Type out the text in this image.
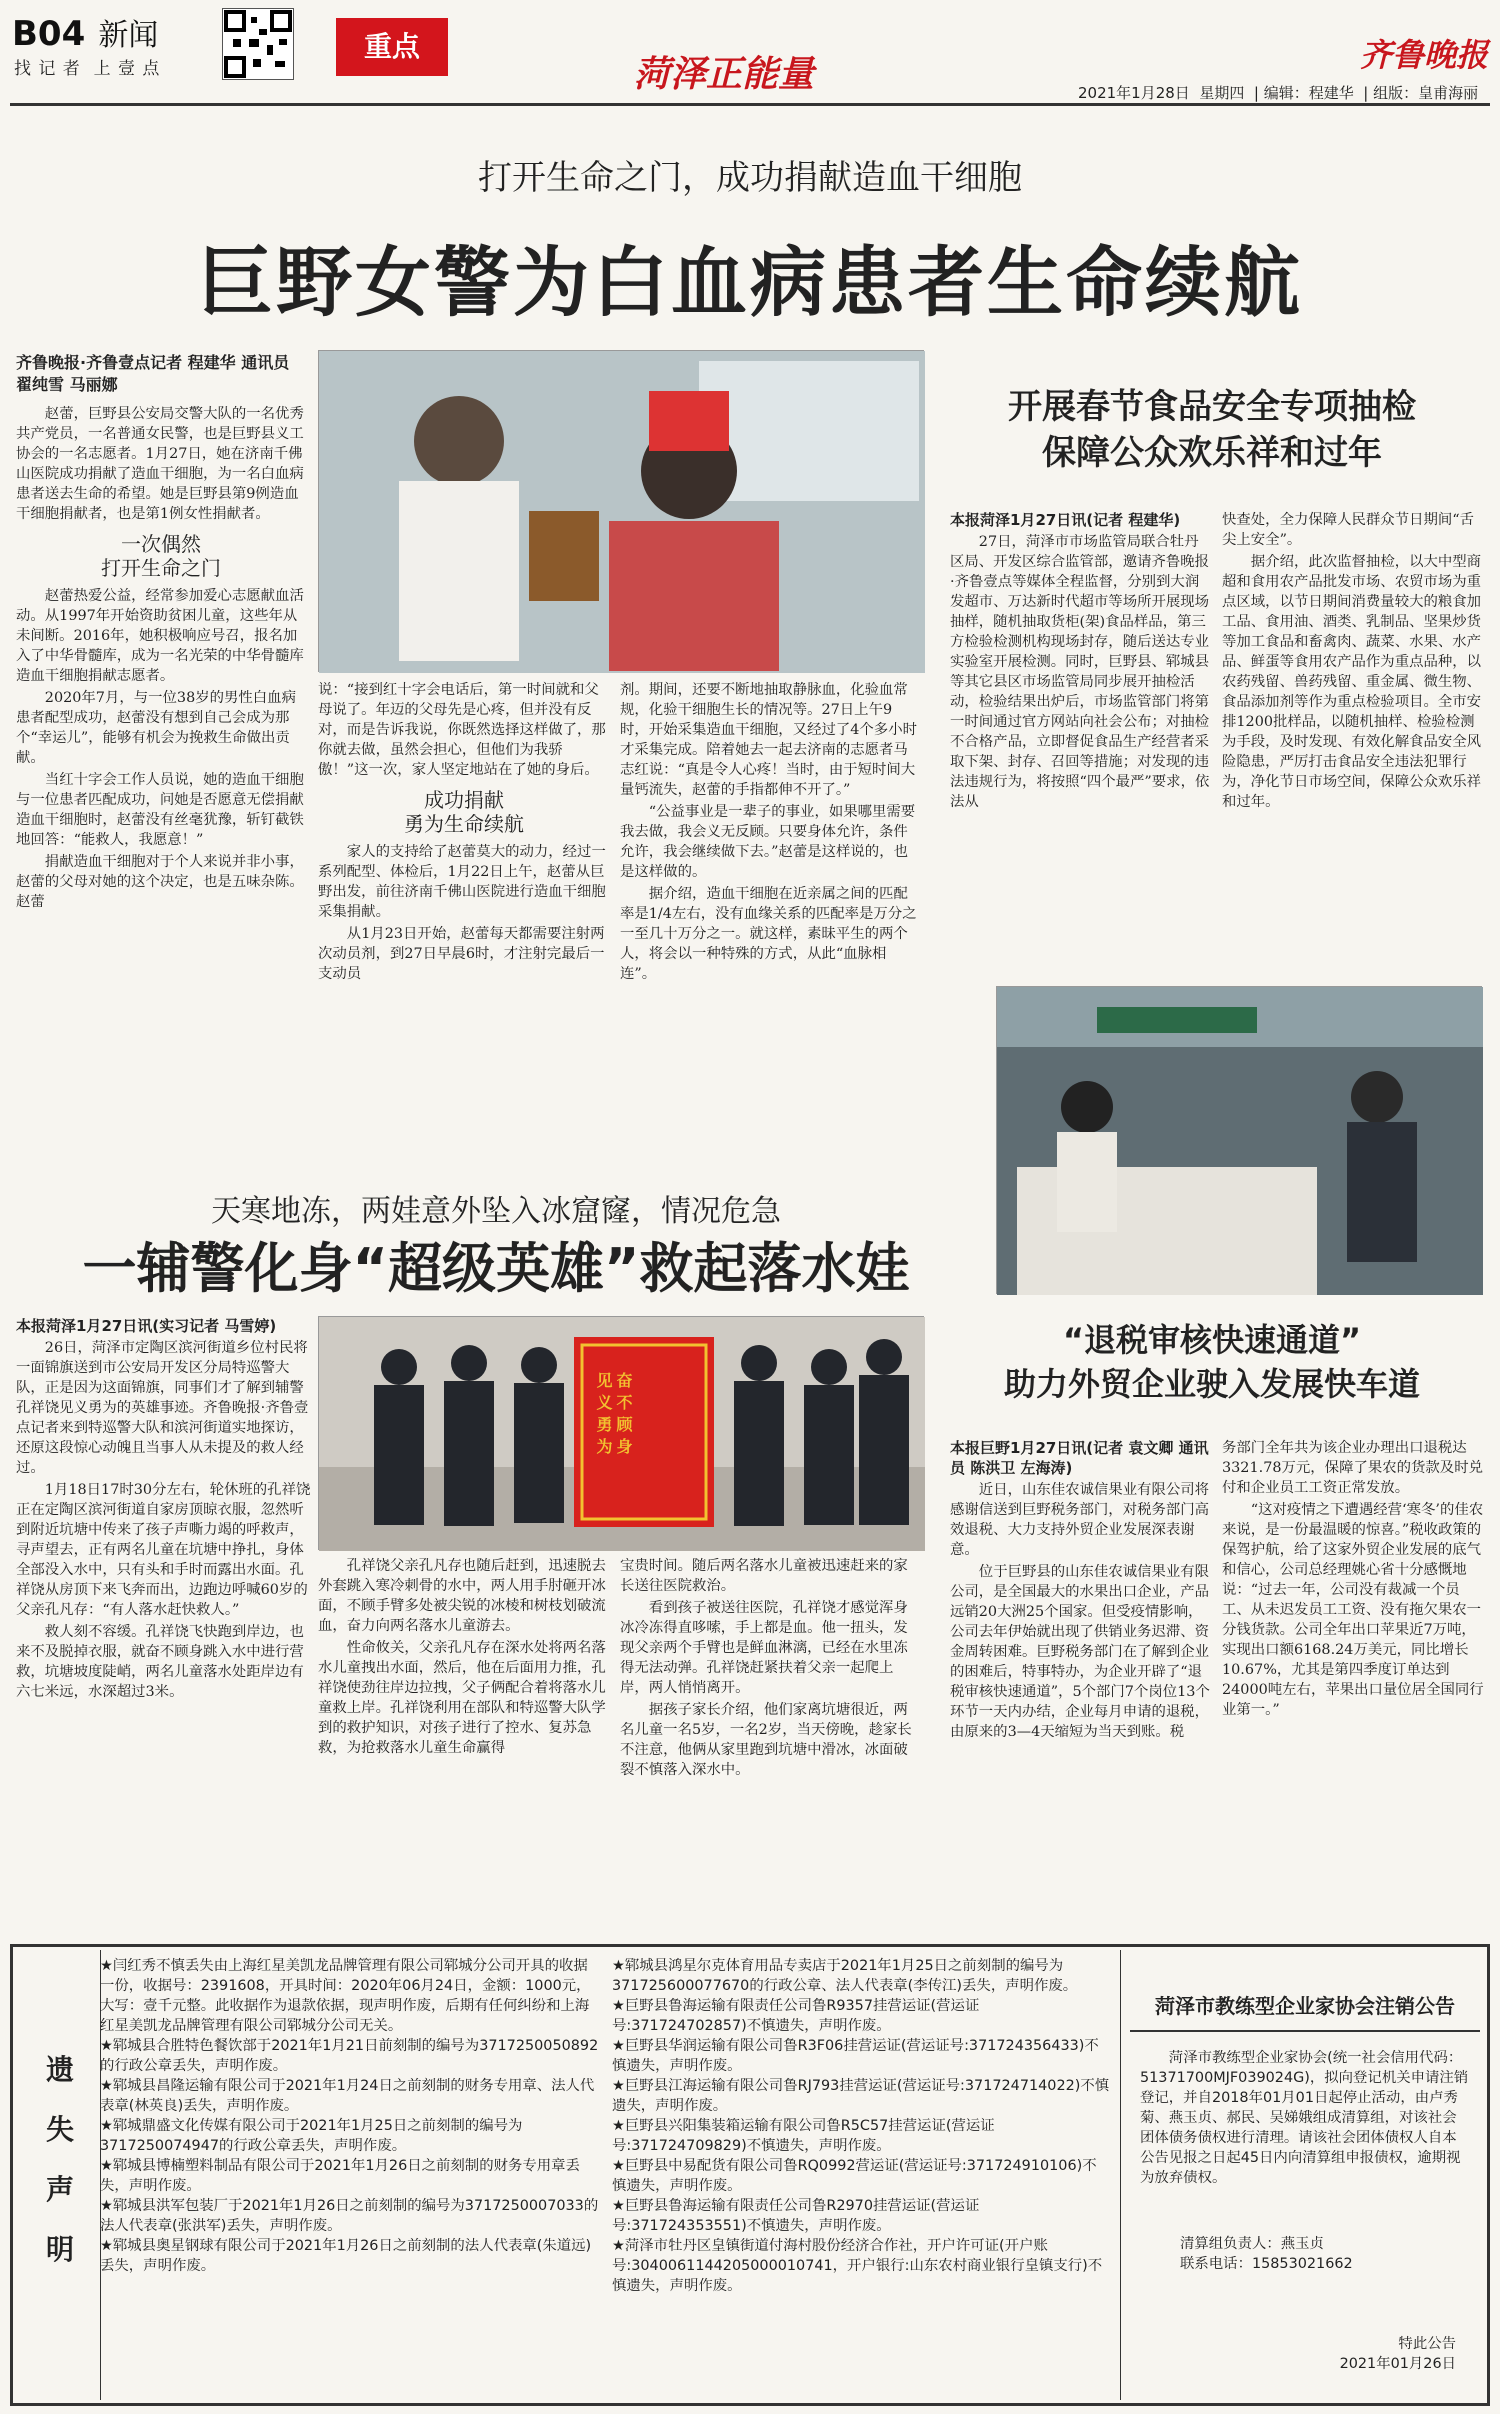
B04 新闻
找 记 者 上 壹 点
重点
菏泽正能量	齐鲁晚报
2021年1月28日 星期四  | 编辑：程建华  | 组版：皇甫海丽
打开生命之门，成功捐献造血干细胞
巨野女警为白血病患者生命续航
齐鲁晚报·齐鲁壹点记者 程建华 通讯员 翟纯雪 马丽娜

赵蕾，巨野县公安局交警大队的一名优秀共产党员，一名普通女民警，也是巨野县义工协会的一名志愿者。1月27日，她在济南千佛山医院成功捐献了造血干细胞，为一名白血病患者送去生命的希望。她是巨野县第9例造血干细胞捐献者，也是第1例女性捐献者。

一次偶然
打开生命之门

赵蕾热爱公益，经常参加爱心志愿献血活动。从1997年开始资助贫困儿童，这些年从未间断。2016年，她积极响应号召，报名加入了中华骨髓库，成为一名光荣的中华骨髓库造血干细胞捐献志愿者。

2020年7月，与一位38岁的男性白血病患者配型成功，赵蕾没有想到自己会成为那个“幸运儿”，能够有机会为挽救生命做出贡献。

当红十字会工作人员说，她的造血干细胞与一位患者匹配成功，问她是否愿意无偿捐献造血干细胞时，赵蕾没有丝毫犹豫，斩钉截铁地回答：“能救人，我愿意！”

捐献造血干细胞对于个人来说并非小事，赵蕾的父母对她的这个决定，也是五味杂陈。赵蕾

说：“接到红十字会电话后，第一时间就和父母说了。年迈的父母先是心疼，但并没有反对，而是告诉我说，你既然选择这样做了，那你就去做，虽然会担心，但他们为我骄傲！”这一次，家人坚定地站在了她的身后。

成功捐献
勇为生命续航

家人的支持给了赵蕾莫大的动力，经过一系列配型、体检后，1月22日上午，赵蕾从巨野出发，前往济南千佛山医院进行造血干细胞采集捐献。

从1月23日开始，赵蕾每天都需要注射两次动员剂，到27日早晨6时，才注射完最后一支动员

剂。期间，还要不断地抽取静脉血，化验血常规，化验干细胞生长的情况等。27日上午9时，开始采集造血干细胞，又经过了4个多小时才采集完成。陪着她去一起去济南的志愿者马志红说：“真是令人心疼！当时，由于短时间大量钙流失，赵蕾的手指都伸不开了。”

“公益事业是一辈子的事业，如果哪里需要我去做，我会义无反顾。只要身体允许，条件允许，我会继续做下去。”赵蕾是这样说的，也是这样做的。

据介绍，造血干细胞在近亲属之间的匹配率是1/4左右，没有血缘关系的匹配率是万分之一至几十万分之一。就这样，素昧平生的两个人，将会以一种特殊的方式，从此“血脉相连”。

开展春节食品安全专项抽检
保障公众欢乐祥和过年
本报菏泽1月27日讯(记者 程建华)

27日，菏泽市市场监管局联合牡丹区局、开发区综合监管部，邀请齐鲁晚报·齐鲁壹点等媒体全程监督，分别到大润发超市、万达新时代超市等场所开展现场抽样，随机抽取货柜(架)食品样品，第三方检验检测机构现场封存，随后送达专业实验室开展检测。同时，巨野县、郓城县等其它县区市场监管局同步展开抽检活动，检验结果出炉后，市场监管部门将第一时间通过官方网站向社会公布；对抽检不合格产品，立即督促食品生产经营者采取下架、封存、召回等措施；对发现的违法违规行为，将按照“四个最严”要求，依法从

快查处，全力保障人民群众节日期间“舌尖上安全”。

据介绍，此次监督抽检，以大中型商超和食用农产品批发市场、农贸市场为重点区域，以节日期间消费量较大的粮食加工品、食用油、酒类、乳制品、坚果炒货等加工食品和畜禽肉、蔬菜、水果、水产品、鲜蛋等食用农产品作为重点品种，以农药残留、兽药残留、重金属、微生物、食品添加剂等作为重点检验项目。全市安排1200批样品，以随机抽样、检验检测为手段，及时发现、有效化解食品安全风险隐患，严厉打击食品安全违法犯罪行为，净化节日市场空间，保障公众欢乐祥和过年。

天寒地冻，两娃意外坠入冰窟窿，情况危急
一辅警化身“超级英雄”救起落水娃
本报菏泽1月27日讯(实习记者 马雪婷)

26日，菏泽市定陶区滨河街道乡位村民将一面锦旗送到市公安局开发区分局特巡警大队，正是因为这面锦旗，同事们才了解到辅警孔祥饶见义勇为的英雄事迹。齐鲁晚报·齐鲁壹点记者来到特巡警大队和滨河街道实地探访，还原这段惊心动魄且当事人从未提及的救人经过。

1月18日17时30分左右，轮休班的孔祥饶正在定陶区滨河街道自家房顶晾衣服，忽然听到附近坑塘中传来了孩子声嘶力竭的呼救声，寻声望去，正有两名儿童在坑塘中挣扎，身体全部没入水中，只有头和手时而露出水面。孔祥饶从房顶下来飞奔而出，边跑边呼喊60岁的父亲孔凡存：“有人落水赶快救人。”

救人刻不容缓。孔祥饶飞快跑到岸边，也来不及脱掉衣服，就奋不顾身跳入水中进行营救，坑塘坡度陡峭，两名儿童落水处距岸边有六七米远，水深超过3米。

见义勇为 奋不顾身

孔祥饶父亲孔凡存也随后赶到，迅速脱去外套跳入寒冷刺骨的水中，两人用手肘砸开冰面，不顾手臂多处被尖锐的冰棱和树枝划破流血，奋力向两名落水儿童游去。

性命攸关，父亲孔凡存在深水处将两名落水儿童拽出水面，然后，他在后面用力推，孔祥饶使劲往岸边拉拽，父子俩配合着将落水儿童救上岸。孔祥饶利用在部队和特巡警大队学到的救护知识，对孩子进行了控水、复苏急救，为抢救落水儿童生命赢得

宝贵时间。随后两名落水儿童被迅速赶来的家长送往医院救治。

看到孩子被送往医院，孔祥饶才感觉浑身冰冷冻得直哆嗦，手上都是血。他一扭头，发现父亲两个手臂也是鲜血淋漓，已经在水里冻得无法动弹。孔祥饶赶紧扶着父亲一起爬上岸，两人悄悄离开。

据孩子家长介绍，他们家离坑塘很近，两名儿童一名5岁，一名2岁，当天傍晚，趁家长不注意，他俩从家里跑到坑塘中滑冰，冰面破裂不慎落入深水中。

“退税审核快速通道”
助力外贸企业驶入发展快车道
本报巨野1月27日讯(记者 袁文卿 通讯员 陈洪卫 左海涛)

近日，山东佳农诚信果业有限公司将感谢信送到巨野税务部门，对税务部门高效退税、大力支持外贸企业发展深表谢意。

位于巨野县的山东佳农诚信果业有限公司，是全国最大的水果出口企业，产品远销20大洲25个国家。但受疫情影响，公司去年伊始就出现了供销业务迟滞、资金周转困难。巨野税务部门在了解到企业的困难后，特事特办，为企业开辟了“退税审核快速通道”，5个部门7个岗位13个环节一天内办结，企业每月申请的退税，由原来的3—4天缩短为当天到账。税

务部门全年共为该企业办理出口退税达3321.78万元，保障了果农的货款及时兑付和企业员工工资正常发放。

“这对疫情之下遭遇经营‘寒冬’的佳农来说，是一份最温暖的惊喜。”税收政策的保驾护航，给了这家外贸企业发展的底气和信心，公司总经理姚心省十分感慨地说：“过去一年，公司没有裁减一个员工、从未迟发员工工资、没有拖欠果农一分钱货款。公司全年出口苹果近7万吨，实现出口额6168.24万美元，同比增长10.67%，尤其是第四季度订单达到24000吨左右，苹果出口量位居全国同行业第一。”

遗
失
声
明

★闫红秀不慎丢失由上海红星美凯龙品牌管理有限公司郓城分公司开具的收据一份，收据号：2391608，开具时间：2020年06月24日，金额：1000元，大写：壹千元整。此收据作为退款依据，现声明作废，后期有任何纠纷和上海红星美凯龙品牌管理有限公司郓城分公司无关。

★郓城县合胜特色餐饮部于2021年1月21日前刻制的编号为3717250050892的行政公章丢失，声明作废。

★郓城县昌隆运输有限公司于2021年1月24日之前刻制的财务专用章、法人代表章(林英良)丢失，声明作废。

★郓城鼎盛文化传媒有限公司于2021年1月25日之前刻制的编号为3717250074947的行政公章丢失，声明作废。

★郓城县博楠塑料制品有限公司于2021年1月26日之前刻制的财务专用章丢失，声明作废。

★郓城县洪军包装厂于2021年1月26日之前刻制的编号为3717250007033的法人代表章(张洪军)丢失，声明作废。

★郓城县奥星钢球有限公司于2021年1月26日之前刻制的法人代表章(朱道远)丢失，声明作废。

★郓城县鸿星尔克体育用品专卖店于2021年1月25日之前刻制的编号为3717256000776​70的行政公章、法人代表章(李传江)丢失，声明作废。

★巨野县鲁海运输有限责任公司鲁R9357挂营运证(营运证号:371724702857)不慎遗失，声明作废。

★巨野县华润运输有限公司鲁R3F06挂营运证(营运证号:371724356433)不慎遗失，声明作废。

★巨野县江海运输有限公司鲁RJ793挂营运证(营运证号:371724714022)不慎遗失，声明作废。

★巨野县兴阳集装箱运输有限公司鲁R5C57挂营运证(营运证号:371724709829)不慎遗失，声明作废。

★巨野县中易配货有限公司鲁RQ0992营运证(营运证号:371724910106)不慎遗失，声明作废。

★巨野县鲁海运输有限责任公司鲁R2970挂营运证(营运证号:371724353551)不慎遗失，声明作废。

★菏泽市牡丹区皇镇街道付海村股份经济合作社，开户许可证(开户账号:304006114420500001074​1，开户银行:山东农村商业银行皇镇支行)不慎遗失，声明作废。

菏泽市教练型企业家协会注销公告
菏泽市教练型企业家协会(统一社会信用代码：51371700MJF039024G)，拟向登记机关申请注销登记，并自2018年01月01日起停止活动，由卢秀菊、燕玉贞、郝民、吴娣娥组成清算组，对该社会团体债务债权进行清理。请该社会团体债权人自本公告见报之日起45日内向清算组申报债权，逾期视为放弃债权。
清算组负责人：燕玉贞
联系电话：15853021662
特此公告
2021年01月26日
